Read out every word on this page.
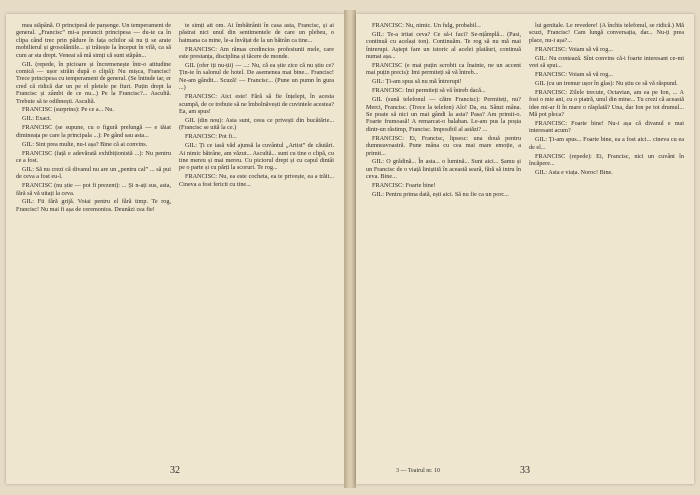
mea stăpână. O principesă de parșenge. Un temperament de general. „Francisc” mi-a poruncit principesa — du-te ca în clipa când trec prin pădure în fața ochilor să nu ți se arate mobilierul și grosolăniile... și trăiește la început în vilă, ca să cum ar sta drept. Veneai să mă simți că sunt stăpân...

GIL (repede, în picioare și încremenește într-o atitudine comică — ușor străin după o clipă): Nu mișca, Francisc! Trece principesa cu temperament de general. (Se întinde iar, er cred că ridică dar un pe el pletele pe fiuri. Puțin drept la Francisc și zâmbi de ce nu...) Pe la Francisc?... Ascultă. Trebuie să te odihnești. Ascultă.

FRANCISC (surprins): Pe ce a... Nu.

GIL: Exact.

FRANCISC (se supune, cu o figură prelungă — e tăiat dimineața pe care la principala ...): Pe gând sau asta...

GIL: Sint prea multe, nu-i așa? Bine că ai convins.

FRANCISC (față e adevărată exhibiționistă ...): Nu pentru ce a fost.

GIL: Să nu crezi că divanul nu are un „pentru cal” ... să pui de ceva a fost eu-l.

FRANCISC (nu știe — pot fi prezent): ... Și n-ați sus, asta, fără să vă uitați la ceva.

GIL: Fii fără grijă. Voiai pentru el fără timp. Te rog, Francisc! Nu mai fi așa de ceremonios. Deunăzi cea fie!

te simți ait om. Ai îmbătrânit în casa asta, Francisc, și ai păstrat nici unul din sentimentele de care un plebeu, o haimana ca mine, le-a învățat de la un bătrân ca tine...

FRANCISC: Am rămas credincios profesiunii mele, care este prestanța, disciplina și tăcere de monde.

GIL (ofer iți nu-ții) — ...: Nu, că ea știe zice că nu știu ce? Țin-te în salonul de hotel. De asemenea mai bine... Francisc! Ne-am gândit... Scuză! — Francisc... (Pune un pumn în gura ...)

FRANCISC: Aici este! Fără să fie înțelept, în acesta scumpă, de ce trebuie să ne îmbolnăvești de cuvintele acestea? Ea, am spus!

GIL (din nou): Asta sunt, ceea ce privești din bucătărie... (Francisc se uită la ce.)

FRANCISC: Pot fi...

GIL: Ți ce iasă văd ajunsă la cuvântul „Artist” de căutări. Ai nimic bătrâne, am văzut... Ascultă... sunt cu tine o clipă, cu tine mereu și mai mereu. Cu piciorul drept și cu capul dintâi pe o parte și cu părți la scoruri. Te rog...

FRANCISC: Nu, ea este cocheta, ea te privește, ea a trăit... Cineva a fost fericit cu tine...

32

FRANCISC: Nu, nimic. Un fulg, probabil...

GIL: Te-a iritat ceva? Ce să-i faci? Se-nțâmplă... (Pasi, continuă cu același ton). Continuăm. Te rog să nu mă mai întrerupi. Aștept fare un istoric al acelei platăuri, continuă numai așa...

FRANCISC (e mai puțin scrobit ca înainte, ne un accent mai puțin precis): Imi permiteți să vă întreb...

GIL: Ți-am spus să nu mă întrerupi!

FRANCISC: Imi permiteți să vă întreb dacă...

GIL (sună telefonul — către Francisc): Permiteți, nu? Merci, Francisc. (Trece la telefon) Alo! Da, eu. Sânzi mâna. Se poate să nici un mai gândi la asta? Pasa? Am primit-o. Foarte frumoasă! A remarcat-o balaban. Le-am pus la poșta dintr-un răstimp, Francisc. Imposibil al astăzi? ...

FRANCISC: Ei, Francisc, lipsesc: una două pentru dumneavoastră. Pune mâna cu cea mai mare emoție, a primit...

GIL: O grădină... În asta... o lumină... Sunt aici... Șamu și un Francisc de o viață liniștită în această seară, fără să intru în ceva. Bine...

FRANCISC: Foarte bine!

GIL: Pentru prima dată, ești aici. Să nu fie ca un porc...

lui genitale. Le revedere! (A închis telefonul, se ridică.) Mă scuzi, Francisc! Cam lungă conversația, dar... Nu-ți prea place, nu-i așa?...

FRANCISC: Voiam să vă rog...

GIL: Nu contează. Sînt convins că-i foarte interesant ce-mi vrei să spui...

FRANCISC: Voiam să vă rog...

GIL (cu un tremur ușor în glas): Nu știu ce să vă răspund.

FRANCISC: Zilele trecute, Octavian, am ea pe Ion, ... A fost o mie ani, cu o piatră, unul din mine... Tu crezi că această idee mi-ar fi în mare o răsplată? Una, dar Ion pe tot drumul... Mă pot pleca?

FRANCISC: Foarte bine! Nu-i așa că divanul e mai interesant acum?

GIL: Ți-am spus... Foarte bine, ea a fost aici... cineva cu ea de el...

FRANCISC (repede): Ei, Francisc, nici un cuvânt în încăpere...

GIL: Asta e viața. Noroc! Bine.

3 — Teatrul nr. 10	33
